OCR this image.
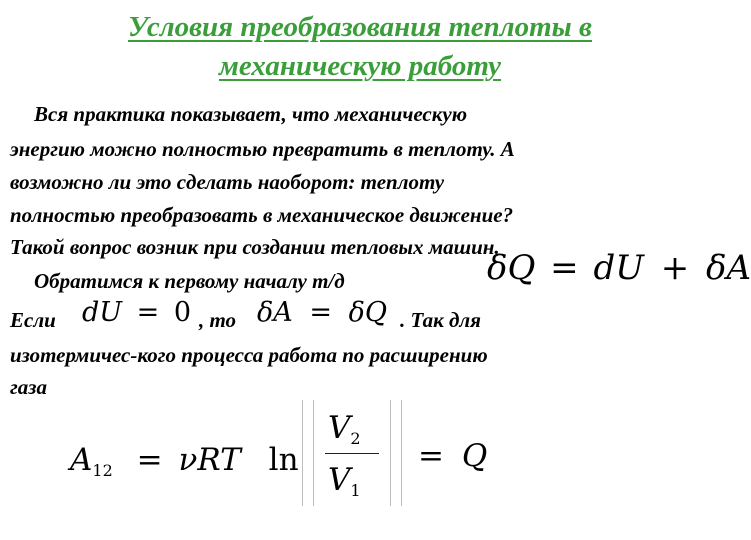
Условия преобразования теплоты в
механическую работу
Вся практика показывает, что механическую
энергию можно полностью превратить в теплоту. А
возможно ли это сделать наоборот: теплоту
полностью преобразовать в механическое движение?
Такой вопрос возник при создании тепловых машин.
Обратимся к первому началу т/д	δQ = dU + δA
Если dU = 0 , то δA = δQ . Так для
изотермичес-кого процесса работа по расширению
газа
A12 = νRT ln
V2
V1
= Q
